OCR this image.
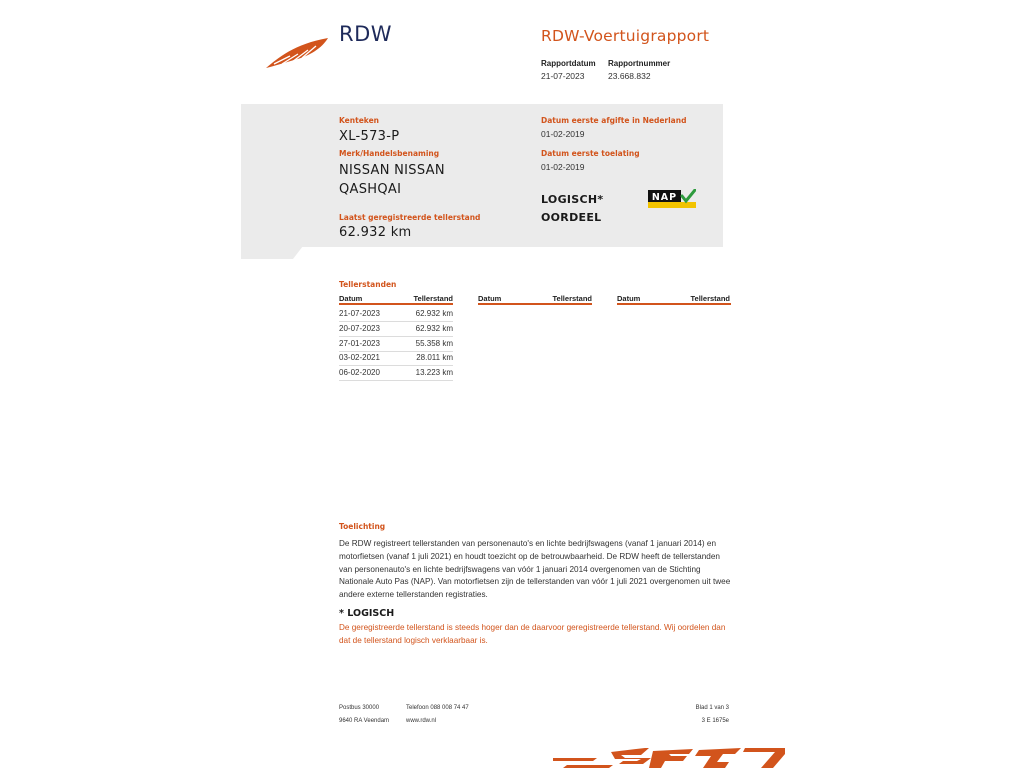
RDW	RDW-Voertuigrapport
Rapportdatum
21-07-2023
Rapportnummer
23.668.832
Kenteken
XL-573-P
Merk/Handelsbenaming
NISSAN NISSAN
QASHQAI
Laatst geregistreerde tellerstand
62.932 km
Datum eerste afgifte in Nederland
01-02-2019
Datum eerste toelating
01-02-2019
LOGISCH*
OORDEEL
NAP
Tellerstanden
Datum	Tellerstand	Datum	Tellerstand	Datum	Tellerstand
21-07-2023	62.932 km
20-07-2023	62.932 km
27-01-2023	55.358 km
03-02-2021	28.011 km
06-02-2020	13.223 km
Toelichting
De RDW registreert tellerstanden van personenauto's en lichte bedrijfswagens (vanaf 1 januari 2014) en motorfietsen (vanaf 1 juli 2021) en houdt toezicht op de betrouwbaarheid. De RDW heeft de tellerstanden van personenauto's en lichte bedrijfswagens van vóór 1 januari 2014 overgenomen van de Stichting Nationale Auto Pas (NAP). Van motorfietsen zijn de tellerstanden van vóór 1 juli 2021 overgenomen uit twee andere externe tellerstanden registraties.
* LOGISCH
De geregistreerde tellerstand is steeds hoger dan de daarvoor geregistreerde tellerstand. Wij oordelen dan dat de tellerstand logisch verklaarbaar is.
Postbus 30000
9640 RA Veendam
Telefoon 088 008 74 47
www.rdw.nl
Blad 1 van 3
3 E 1675e
